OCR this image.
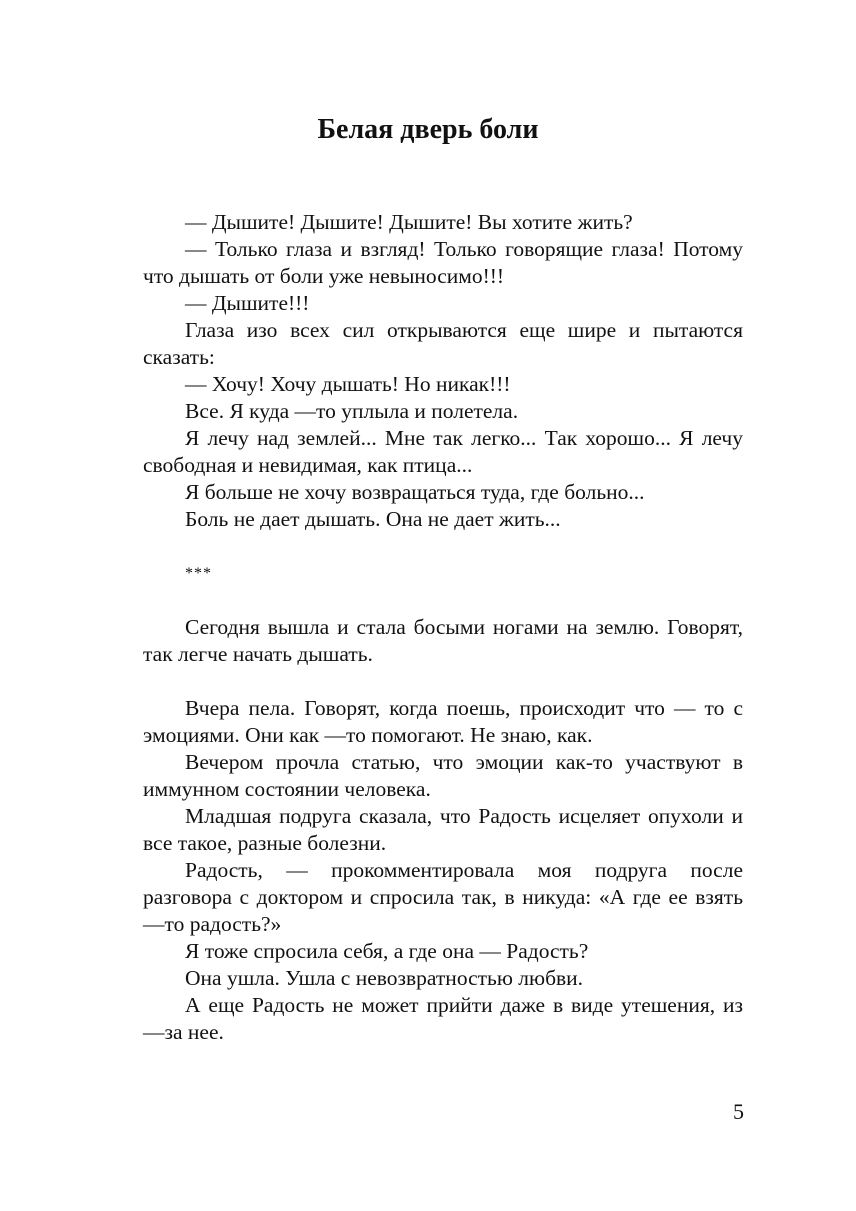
Белая дверь боли

— Дышите! Дышите! Дышите! Вы хотите жить?

— Только глаза и взгляд! Только говорящие глаза! Потому что дышать от боли уже невыносимо!!!

— Дышите!!!

Глаза изо всех сил открываются еще шире и пытаются сказать:

— Хочу! Хочу дышать! Но никак!!!

Все. Я куда —то уплыла и полетела.

Я лечу над землей... Мне так легко... Так хорошо... Я лечу свободная и невидимая, как птица...

Я больше не хочу возвращаться туда, где больно...

Боль не дает дышать. Она не дает жить...

***

Сегодня вышла и стала босыми ногами на землю. Говорят, так легче начать дышать.

Вчера пела. Говорят, когда поешь, происходит что — то с эмоциями. Они как —то помогают. Не знаю, как.

Вечером прочла статью, что эмоции как-то участвуют в иммунном состоянии человека.

Младшая подруга сказала, что Радость исцеляет опухоли и все такое, разные болезни.

Радость, — прокомментировала моя подруга после разговора с доктором и спросила так, в никуда: «А где ее взять —то радость?»

Я тоже спросила себя, а где она — Радость?

Она ушла. Ушла с невозвратностью любви.

А еще Радость не может прийти даже в виде утешения, из —за нее.

5
